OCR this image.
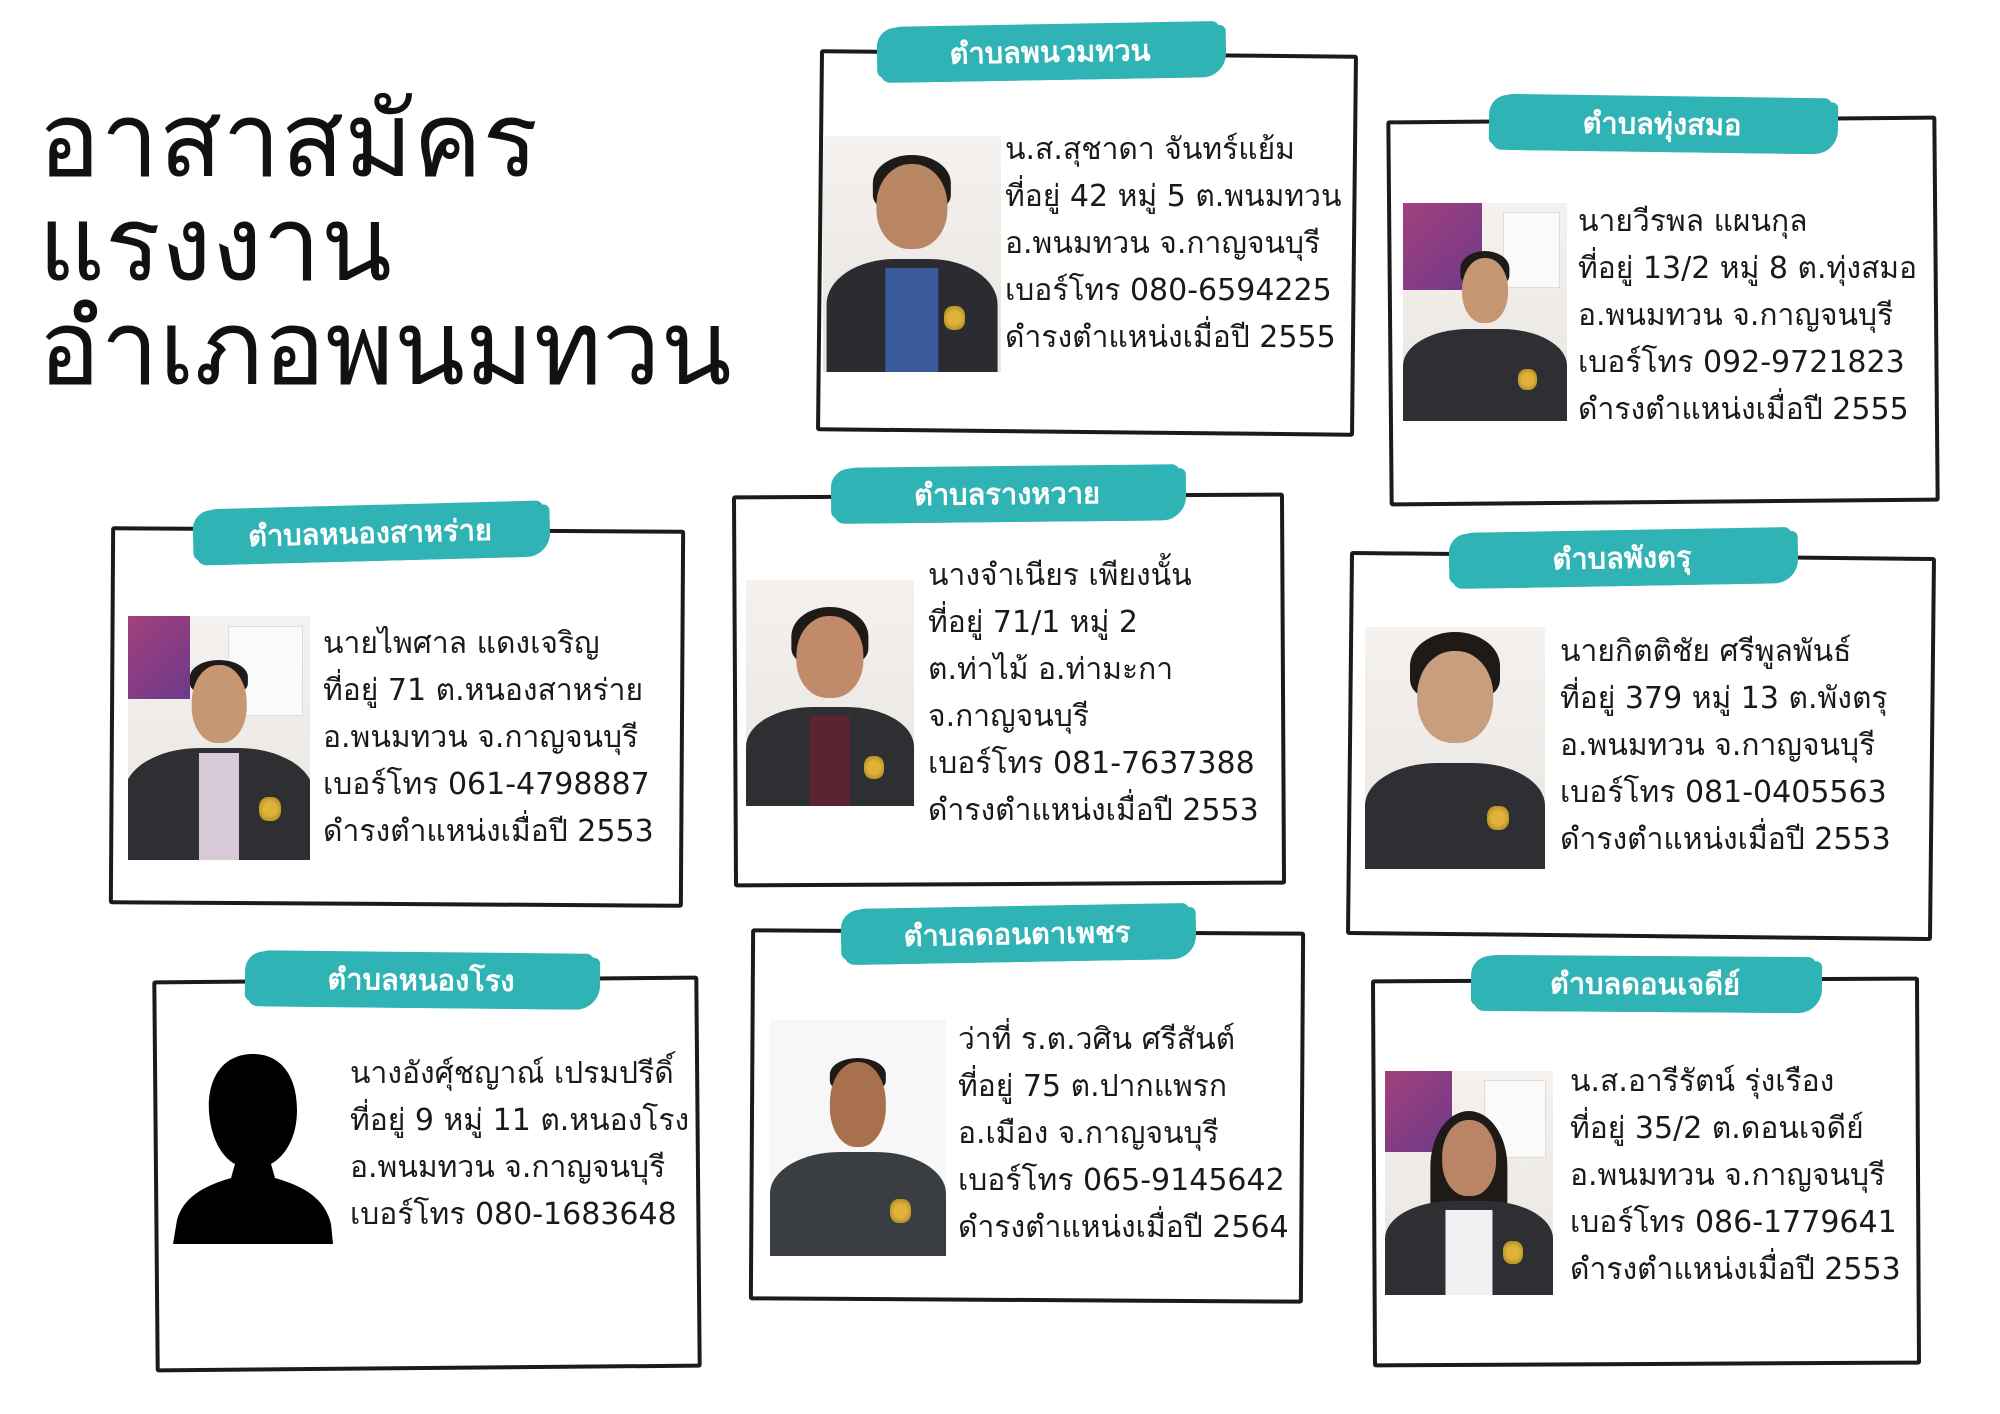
อาสาสมัคร
แรงงาน
อำเภอพนมทวน
ตำบลพนวมทวน
น.ส.สุชาดา จันทร์แย้ม
ที่อยู่ 42 หมู่ 5 ต.พนมทวน
อ.พนมทวน จ.กาญจนบุรี
เบอร์โทร 080-6594225
ดำรงตำแหน่งเมื่อปี 2555
ตำบลทุ่งสมอ
นายวีรพล แผนกุล
ที่อยู่ 13/2 หมู่ 8 ต.ทุ่งสมอ
อ.พนมทวน จ.กาญจนบุรี
เบอร์โทร 092-9721823
ดำรงตำแหน่งเมื่อปี 2555
ตำบลหนองสาหร่าย
นายไพศาล แดงเจริญ
ที่อยู่ 71 ต.หนองสาหร่าย
อ.พนมทวน จ.กาญจนบุรี
เบอร์โทร 061-4798887
ดำรงตำแหน่งเมื่อปี 2553
ตำบลรางหวาย
นางจำเนียร เพียงนั้น
ที่อยู่ 71/1 หมู่ 2
ต.ท่าไม้ อ.ท่ามะกา
จ.กาญจนบุรี
เบอร์โทร 081-7637388
ดำรงตำแหน่งเมื่อปี 2553
ตำบลพังตรุ
นายกิตติชัย ศรีพูลพันธ์
ที่อยู่ 379 หมู่ 13 ต.พังตรุ
อ.พนมทวน จ.กาญจนบุรี
เบอร์โทร 081-0405563
ดำรงตำแหน่งเมื่อปี 2553
ตำบลหนองโรง
นางอังศุ์ชญาณ์ เปรมปรีดิ์
ที่อยู่ 9 หมู่ 11 ต.หนองโรง
อ.พนมทวน จ.กาญจนบุรี
เบอร์โทร 080-1683648
ตำบลดอนตาเพชร
ว่าที่ ร.ต.วศิน ศรีสันต์
ที่อยู่ 75 ต.ปากแพรก
อ.เมือง จ.กาญจนบุรี
เบอร์โทร 065-9145642
ดำรงตำแหน่งเมื่อปี 2564
ตำบลดอนเจดีย์
น.ส.อารีรัตน์ รุ่งเรือง
ที่อยู่ 35/2 ต.ดอนเจดีย์
อ.พนมทวน จ.กาญจนบุรี
เบอร์โทร 086-1779641
ดำรงตำแหน่งเมื่อปี 2553
